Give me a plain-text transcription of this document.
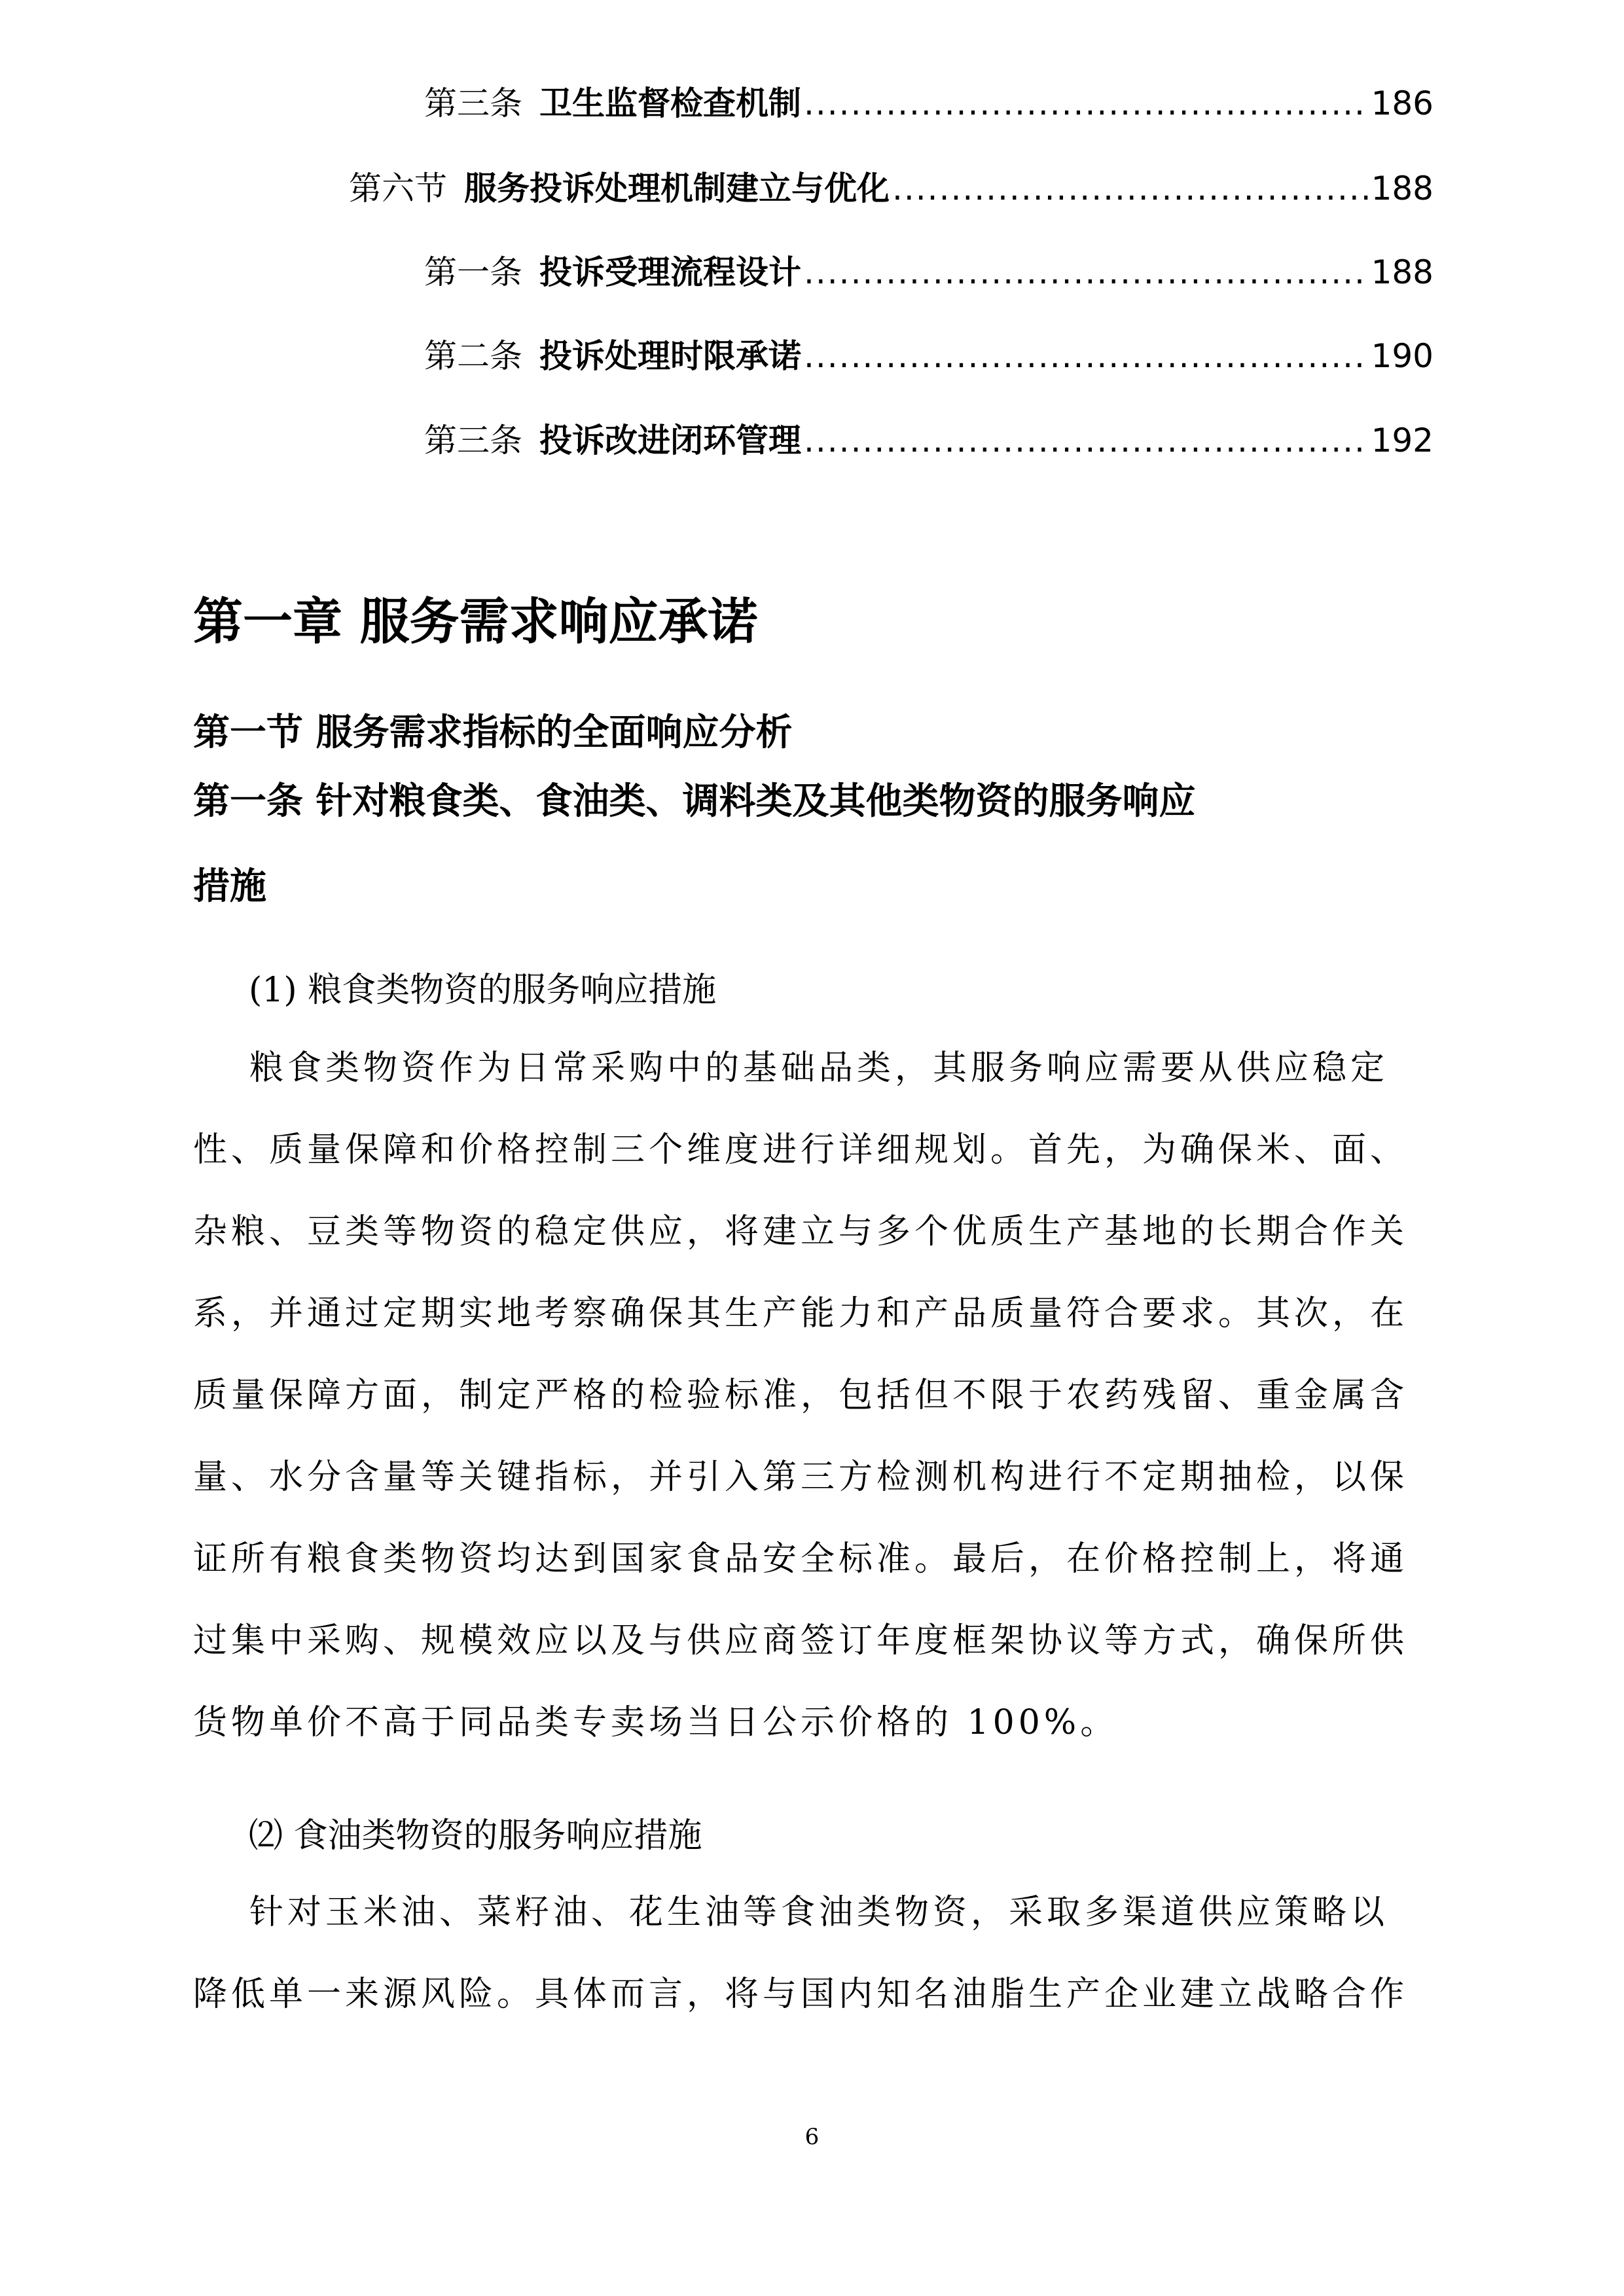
第三条 卫生监督检查机制 .....	186
第六节 服务投诉处理机制建立与优化 .....	188
第一条 投诉受理流程设计 .....	188
第二条 投诉处理时限承诺 .....	190
第三条 投诉改进闭环管理 .....	192
第一章 服务需求响应承诺
第一节 服务需求指标的全面响应分析
第一条 针对粮食类、食油类、调料类及其他类物资的服务响应
措施
(1) 粮食类物资的服务响应措施
粮食类物资作为日常采购中的基础品类，其服务响应需要从供应稳定
性、质量保障和价格控制三个维度进行详细规划。首先，为确保米、面、
杂粮、豆类等物资的稳定供应，将建立与多个优质生产基地的长期合作关
系，并通过定期实地考察确保其生产能力和产品质量符合要求。其次，在
质量保障方面，制定严格的检验标准，包括但不限于农药残留、重金属含
量、水分含量等关键指标，并引入第三方检测机构进行不定期抽检，以保
证所有粮食类物资均达到国家食品安全标准。最后，在价格控制上，将通
过集中采购、规模效应以及与供应商签订年度框架协议等方式，确保所供
货物单价不高于同品类专卖场当日公示价格的 100%。
⑵ 食油类物资的服务响应措施
针对玉米油、菜籽油、花生油等食油类物资，采取多渠道供应策略以
降低单一来源风险。具体而言，将与国内知名油脂生产企业建立战略合作
6
